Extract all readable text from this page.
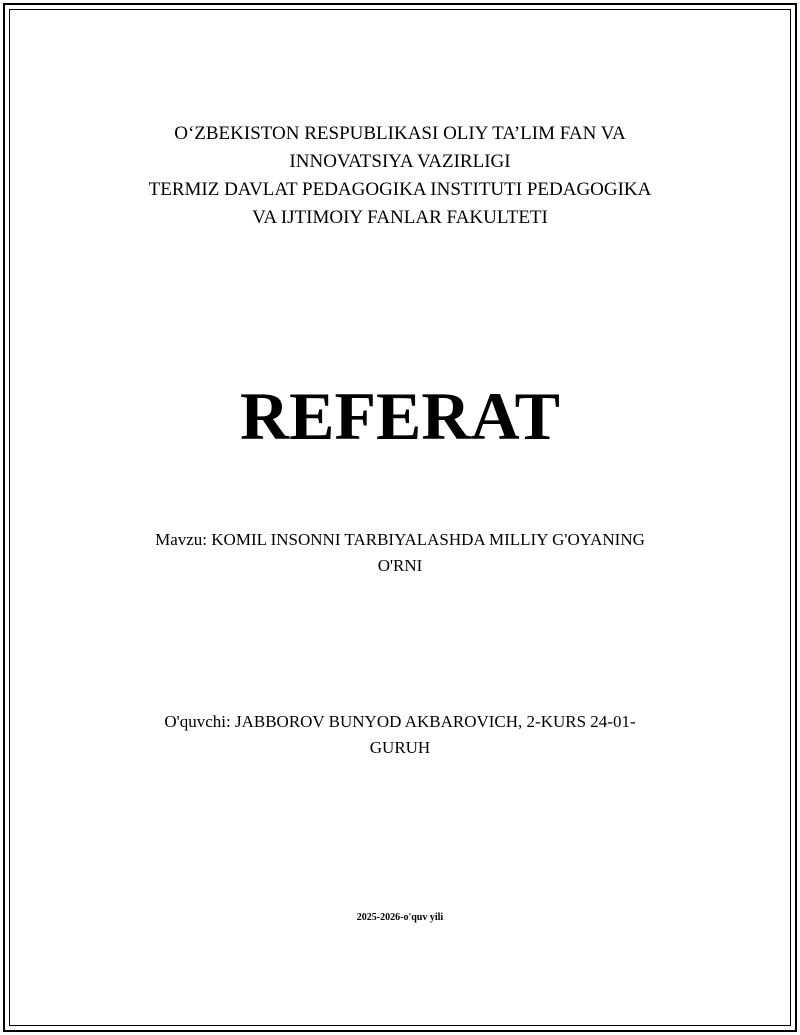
O‘ZBEKISTON RESPUBLIKASI OLIY TA’LIM FAN VA
INNOVATSIYA VAZIRLIGI
TERMIZ DAVLAT PEDAGOGIKA INSTITUTI PEDAGOGIKA
VA IJTIMOIY FANLAR FAKULTETI
REFERAT
Mavzu: KOMIL INSONNI TARBIYALASHDA MILLIY G'OYANING
O'RNI
O'quvchi: JABBOROV BUNYOD AKBAROVICH, 2-KURS 24-01-
GURUH
2025-2026-o'quv yili
